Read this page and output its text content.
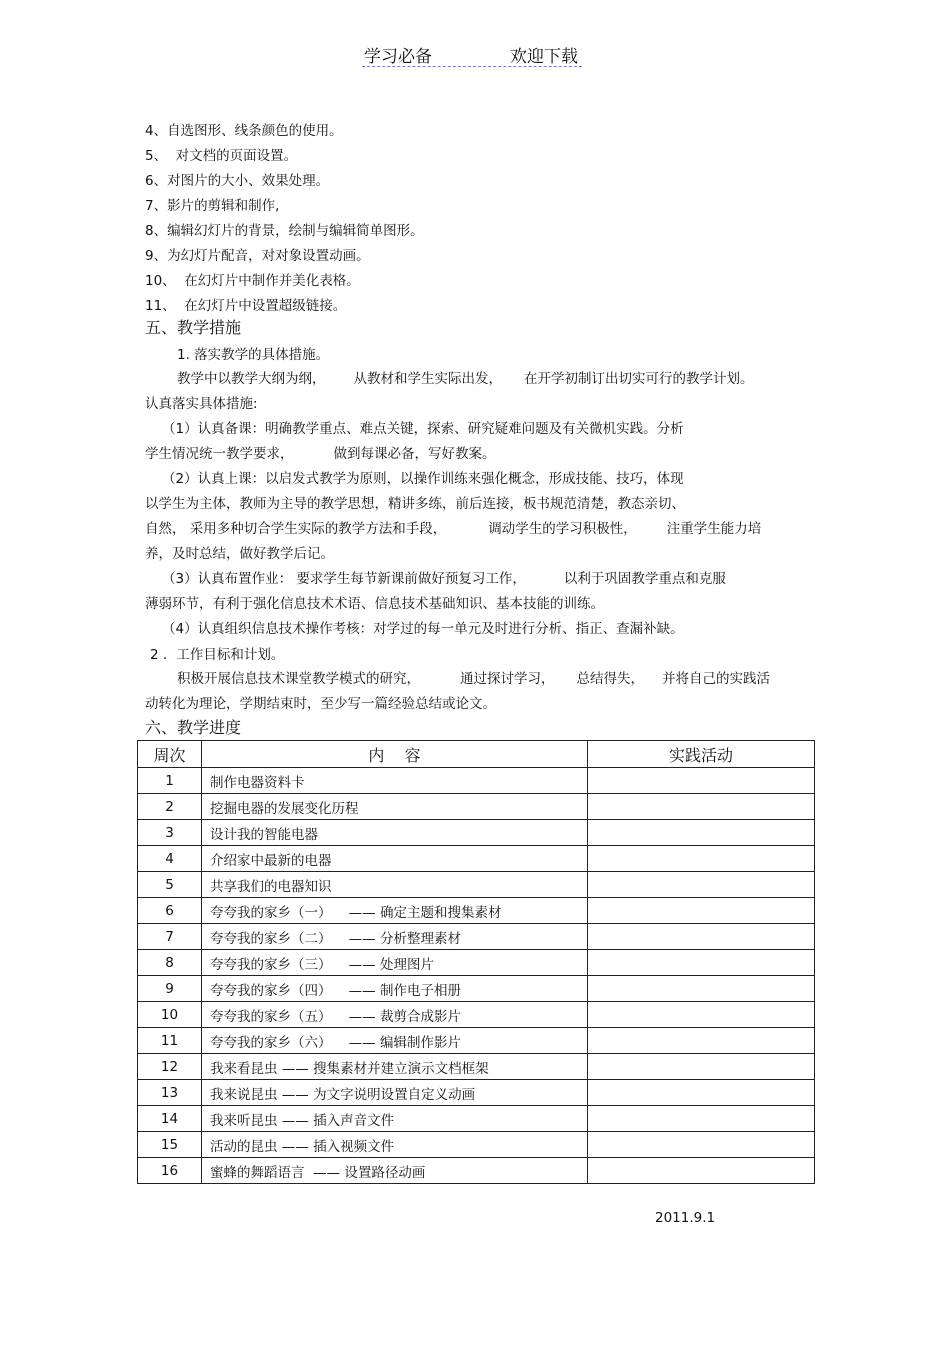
学习必备	欢迎下载
4、自选图形、线条颜色的使用。
5、  对文档的页面设置。
6、对图片的大小、效果处理。
7、影片的剪辑和制作,
8、编辑幻灯片的背景，绘制与编辑简单图形。
9、为幻灯片配音，对对象设置动画。
10、  在幻灯片中制作并美化表格。
11、  在幻灯片中设置超级链接。
五、教学措施
1. 落实教学的具体措施。
教学中以教学大纲为纲， 从教材和学生实际出发， 在开学初制订出切实可行的教学计划。
认真落实具体措施:
（1）认真备课：明确教学重点、难点关键，探索、研究疑难问题及有关微机实践。分析
学生情况统一教学要求，	做到每课必备，写好教案。
（2）认真上课：以启发式教学为原则，以操作训练来强化概念，形成技能、技巧，体现
以学生为主体，教师为主导的教学思想，精讲多练，前后连接，板书规范清楚，教态亲切、
自然， 采用多种切合学生实际的教学方法和手段，	调动学生的学习积极性， 注重学生能力培
养，及时总结，做好教学后记。
（3）认真布置作业： 要求学生每节新课前做好预复习工作，	以利于巩固教学重点和克服
薄弱环节，有利于强化信息技术术语、信息技术基础知识、基本技能的训练。
（4）认真组织信息技术操作考核：对学过的每一单元及时进行分析、指正、查漏补缺。
2 ．工作目标和计划。
积极开展信息技术课堂教学模式的研究，	通过探讨学习， 总结得失， 并将自己的实践活
动转化为理论，学期结束时，至少写一篇经验总结或论文。
六、教学进度
周次	内    容	实践活动
1	制作电器资料卡	
2	挖掘电器的发展变化历程	
3	设计我的智能电器	
4	介绍家中最新的电器	
5	共享我们的电器知识	
6	夸夸我的家乡（一）    —— 确定主题和搜集素材	
7	夸夸我的家乡（二）    —— 分析整理素材	
8	夸夸我的家乡（三）    —— 处理图片	
9	夸夸我的家乡（四）    —— 制作电子相册	
10	夸夸我的家乡（五）    —— 裁剪合成影片	
11	夸夸我的家乡（六）    —— 编辑制作影片	
12	我来看昆虫 —— 搜集素材并建立演示文档框架	
13	我来说昆虫 —— 为文字说明设置自定义动画	
14	我来听昆虫 —— 插入声音文件	
15	活动的昆虫 —— 插入视频文件	
16	蜜蜂的舞蹈语言  —— 设置路径动画	
2011.9.1
